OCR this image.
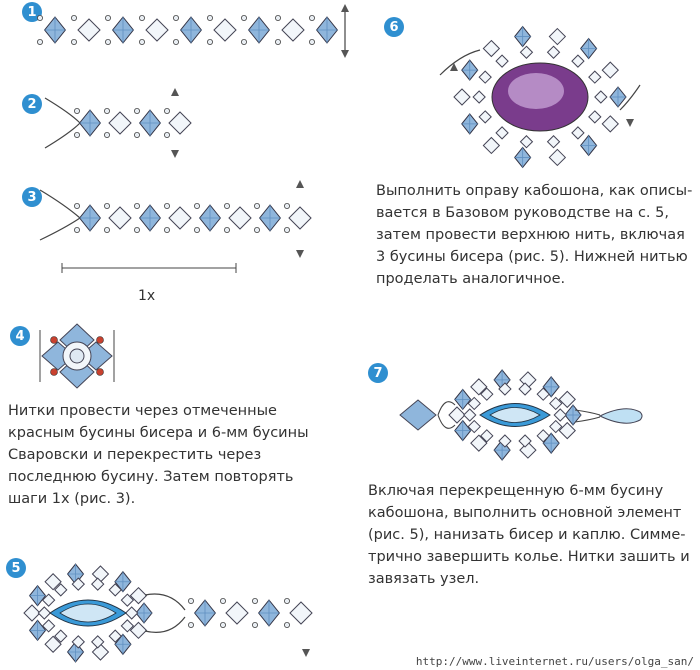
1
2
3
1x
4

Нитки провести через отмеченные

красным бусины бисера и 6-мм бусины

Сваровски и перекрестить через

последнюю бусину. Затем повторять

шаги 1х (рис. 3).

5
6

Выполнить оправу кабошона, как описы-

вается в Базовом руководстве на с. 5,

затем провести верхнюю нить, включая

3 бусины бисера (рис. 5). Нижней нитью

проделать аналогичное.

7

Включая перекрещенную 6-мм бусину

кабошона, выполнить основной элемент

(рис. 5), нанизать бисер и каплю. Симме-

трично завершить колье. Нитки зашить и

завязать узел.

http://www.liveinternet.ru/users/olga_san/
